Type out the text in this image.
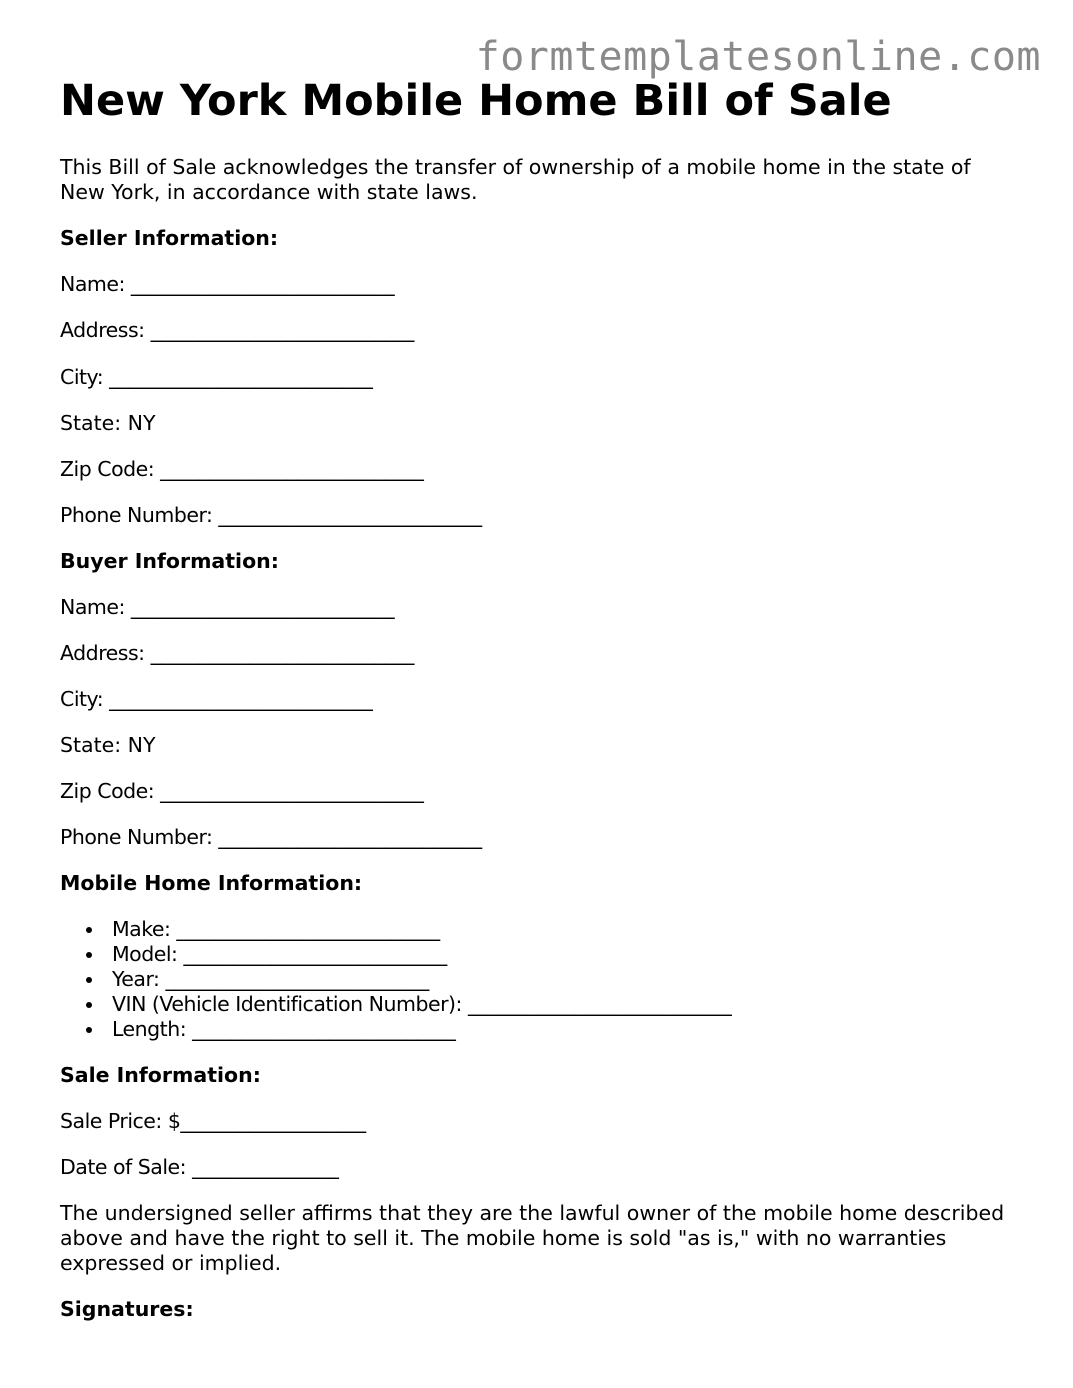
formtemplatesonline.com
New York Mobile Home Bill of Sale

This Bill of Sale acknowledges the transfer of ownership of a mobile home in the state of New York, in accordance with state laws.

Seller Information:

Name: ___________________________

Address: ___________________________

City: ___________________________

State: NY

Zip Code: ___________________________

Phone Number: ___________________________

Buyer Information:

Name: ___________________________

Address: ___________________________

City: ___________________________

State: NY

Zip Code: ___________________________

Phone Number: ___________________________

Mobile Home Information:

Make: ___________________________
Model: ___________________________
Year: ___________________________
VIN (Vehicle Identification Number): ___________________________
Length: ___________________________

Sale Information:

Sale Price: $___________________

Date of Sale: _______________

The undersigned seller affirms that they are the lawful owner of the mobile home described above and have the right to sell it. The mobile home is sold "as is," with no warranties expressed or implied.

Signatures:
